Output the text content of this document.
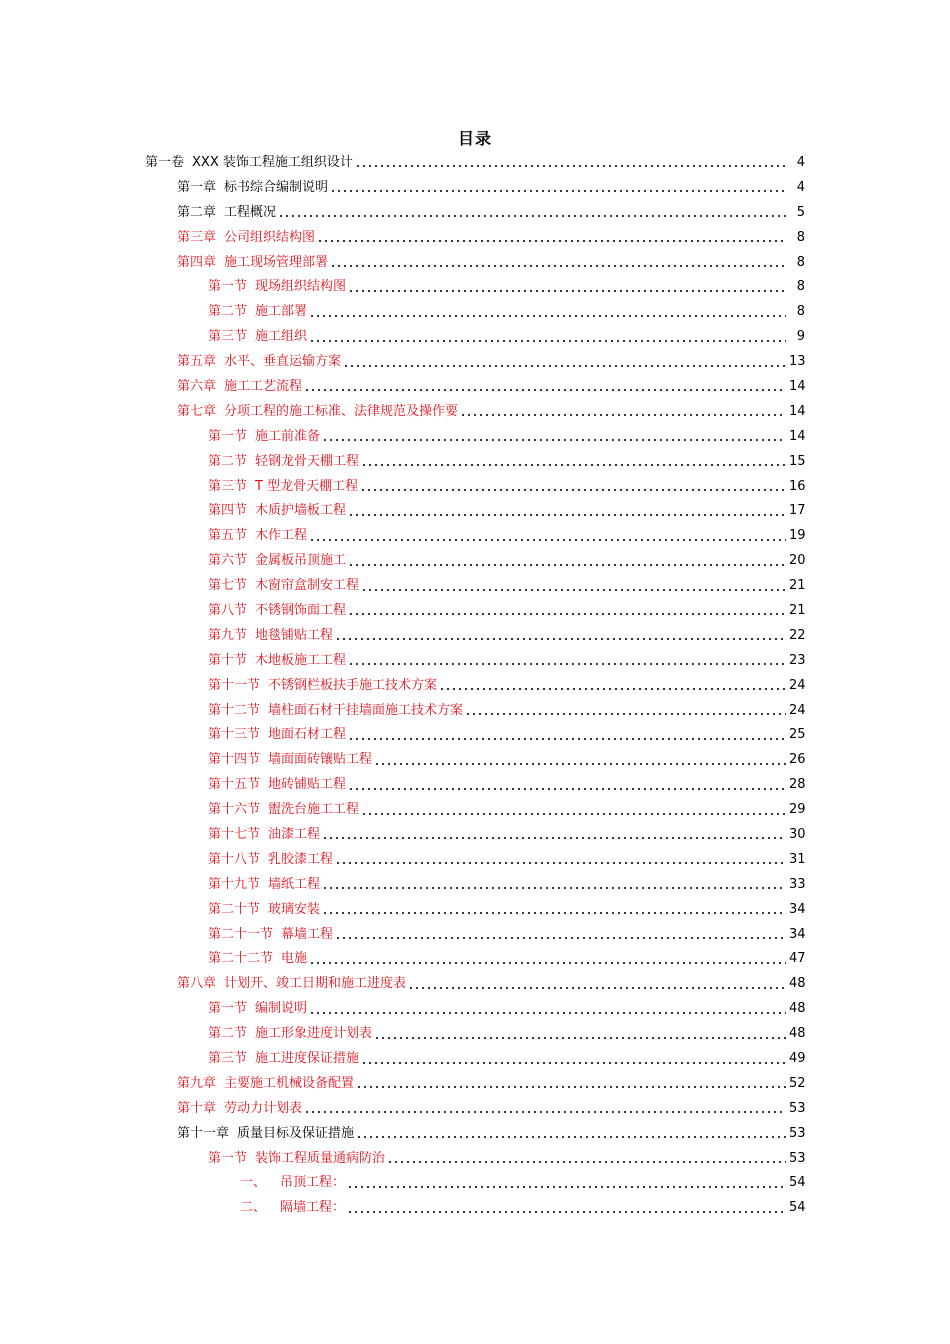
目录
第一卷 XXX 装饰工程施工组织设计	4
第一章 标书综合编制说明	4
第二章 工程概况	5
第三章 公司组织结构图	8
第四章 施工现场管理部署	8
第一节 现场组织结构图	8
第二节 施工部署	8
第三节 施工组织	9
第五章 水平、垂直运输方案	13
第六章 施工工艺流程	14
第七章 分项工程的施工标准、法律规范及操作要	14
第一节 施工前准备	14
第二节 轻钢龙骨天棚工程	15
第三节 T 型龙骨天棚工程	16
第四节 木质护墙板工程	17
第五节 木作工程	19
第六节 金属板吊顶施工	20
第七节 木窗帘盒制安工程	21
第八节 不锈钢饰面工程	21
第九节 地毯铺贴工程	22
第十节 木地板施工工程	23
第十一节 不锈钢栏板扶手施工技术方案	24
第十二节 墙柱面石材干挂墙面施工技术方案	24
第十三节 地面石材工程	25
第十四节 墙面面砖镶贴工程	26
第十五节 地砖铺贴工程	28
第十六节 盥洗台施工工程	29
第十七节 油漆工程	30
第十八节 乳胶漆工程	31
第十九节 墙纸工程	33
第二十节 玻璃安装	34
第二十一节 幕墙工程	34
第二十二节 电施	47
第八章 计划开、竣工日期和施工进度表	48
第一节 编制说明	48
第二节 施工形象进度计划表	48
第三节 施工进度保证措施	49
第九章 主要施工机械设备配置	52
第十章 劳动力计划表	53
第十一章 质量目标及保证措施	53
第一节 装饰工程质量通病防治	53
一、 吊顶工程：	54
二、 隔墙工程：	54
